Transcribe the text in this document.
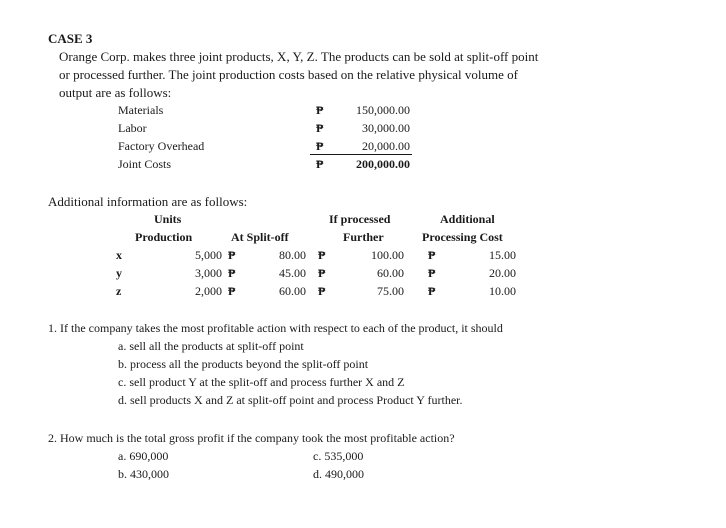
CASE 3
Orange Corp. makes three joint products, X, Y, Z. The products can be sold at split-off point
or processed further. The joint production costs based on the relative physical volume of
output are as follows:
Materials	₱	150,000.00
Labor	₱	30,000.00
Factory Overhead	₱	20,000.00
Joint Costs	₱	200,000.00
Additional information are as follows:
Units	If processed	Additional
Production	At Split-off	Further	Processing Cost
x	5,000 ₱	80.00 ₱	100.00 ₱	15.00
y	3,000 ₱	45.00 ₱	60.00 ₱	20.00
z	2,000 ₱	60.00 ₱	75.00 ₱	10.00
1. If the company takes the most profitable action with respect to each of the product, it should
a. sell all the products at split-off point
b. process all the products beyond the split-off point
c. sell product Y at the split-off and process further X and Z
d. sell products X and Z at split-off point and process Product Y further.
2. How much is the total gross profit if the company took the most profitable action?
a. 690,000
b. 430,000
c. 535,000
d. 490,000
